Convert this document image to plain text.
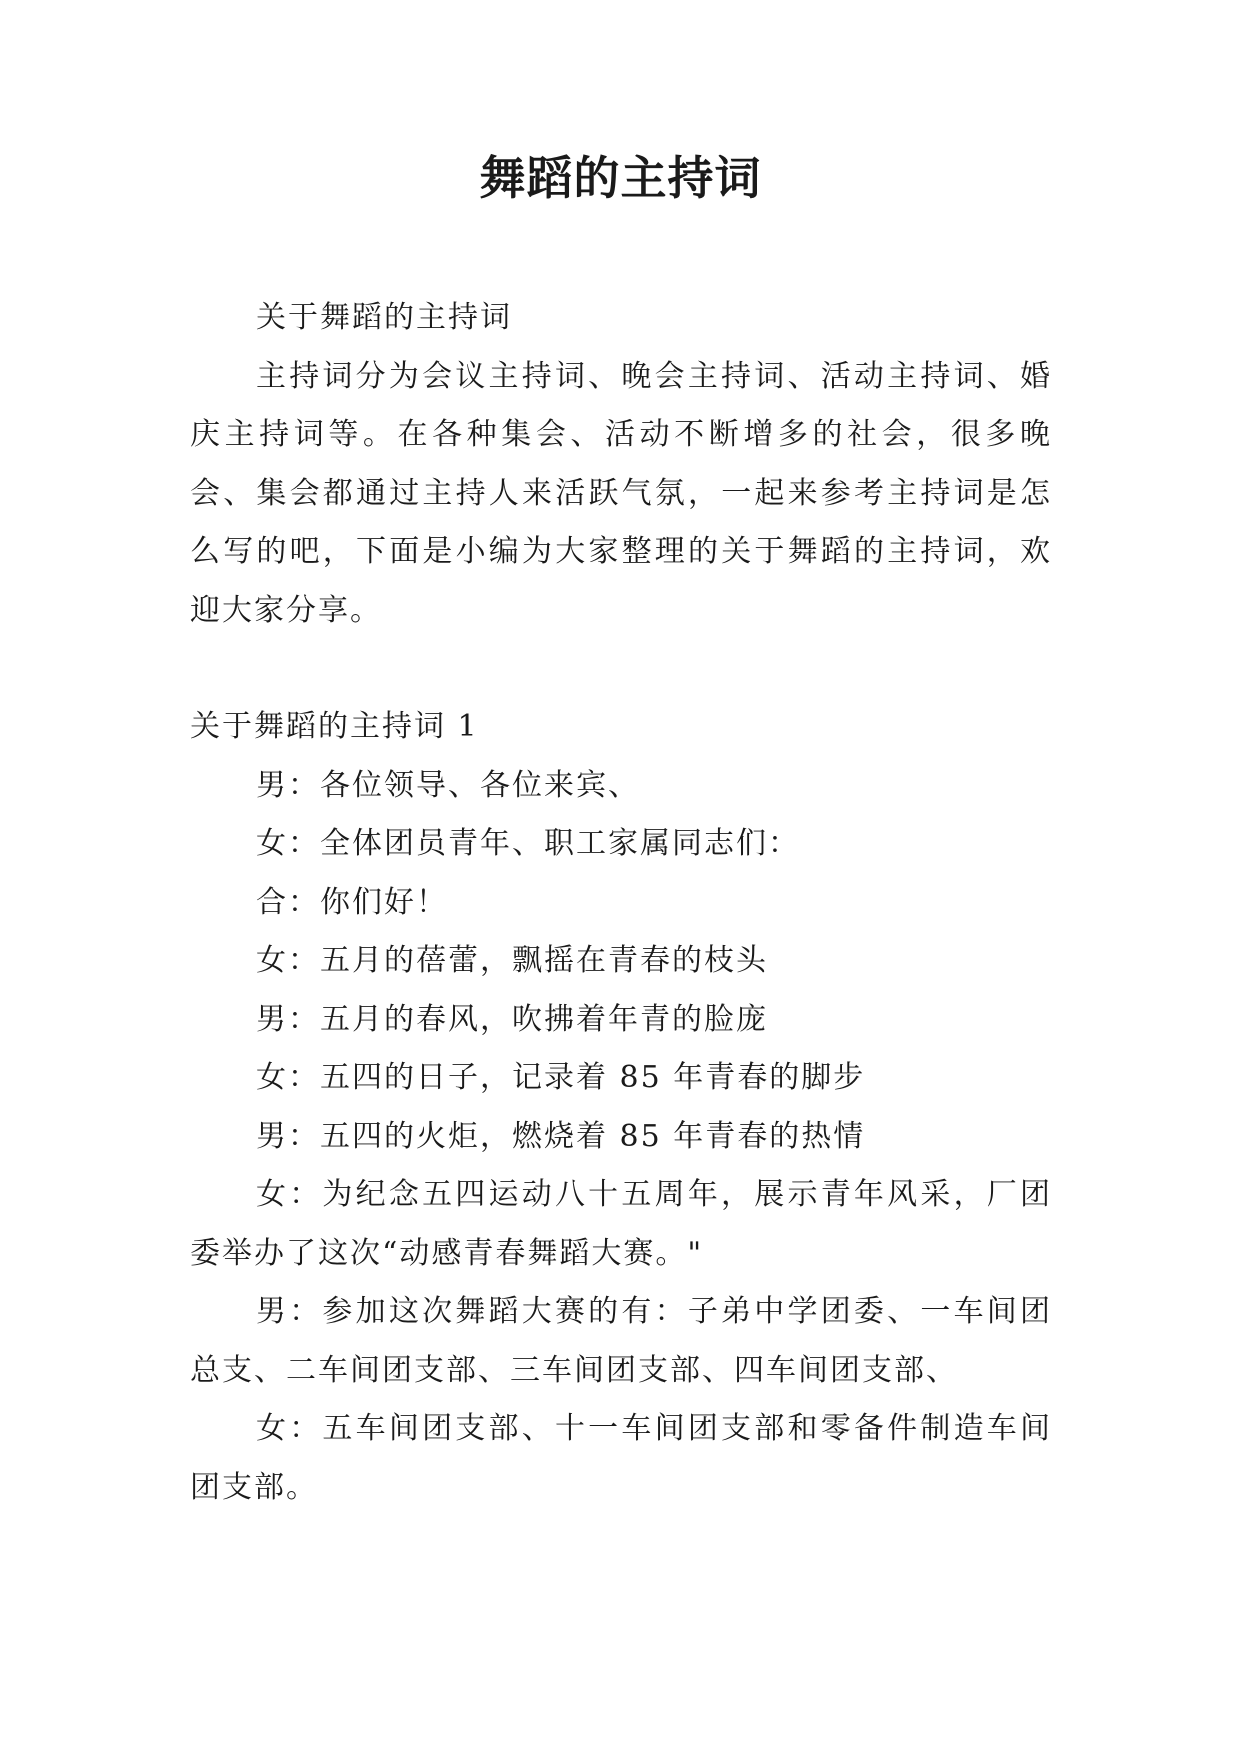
舞蹈的主持词

关于舞蹈的主持词

主持词分为会议主持词、晚会主持词、活动主持词、婚庆主持词等。在各种集会、活动不断增多的社会，很多晚会、集会都通过主持人来活跃气氛，一起来参考主持词是怎么写的吧，下面是小编为大家整理的关于舞蹈的主持词，欢迎大家分享。

关于舞蹈的主持词 1

男：各位领导、各位来宾、

女：全体团员青年、职工家属同志们：

合：你们好！

女：五月的蓓蕾，飘摇在青春的枝头

男：五月的春风，吹拂着年青的脸庞

女：五四的日子，记录着 85 年青春的脚步

男：五四的火炬，燃烧着 85 年青春的热情

女：为纪念五四运动八十五周年，展示青年风采，厂团委举办了这次“动感青春舞蹈大赛。"

男：参加这次舞蹈大赛的有：子弟中学团委、一车间团总支、二车间团支部、三车间团支部、四车间团支部、

女：五车间团支部、十一车间团支部和零备件制造车间团支部。
